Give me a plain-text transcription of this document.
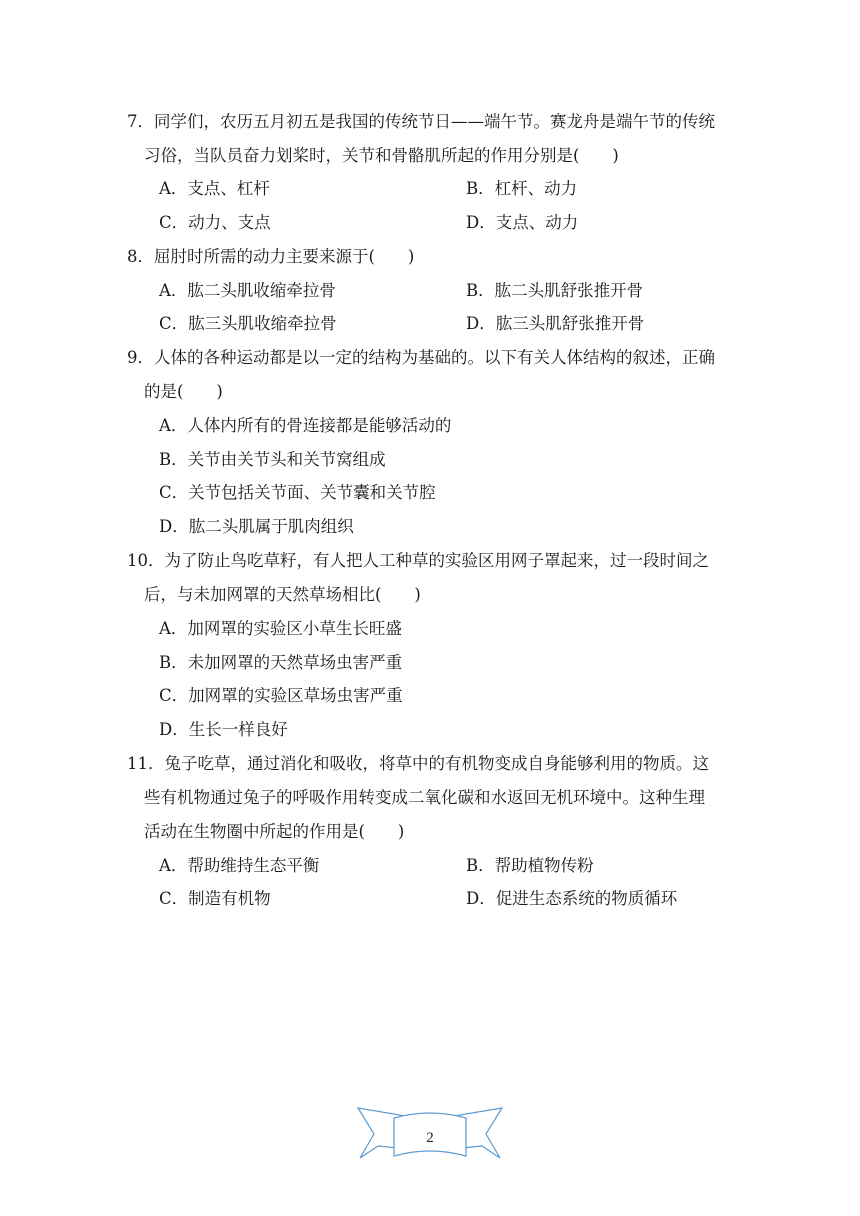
7．同学们，农历五月初五是我国的传统节日——端午节。赛龙舟是端午节的传统
习俗，当队员奋力划桨时，关节和骨骼肌所起的作用分别是(　　)
A．支点、杠杆	B．杠杆、动力
C．动力、支点	D．支点、动力
8．屈肘时所需的动力主要来源于(　　)
A．肱二头肌收缩牵拉骨	B．肱二头肌舒张推开骨
C．肱三头肌收缩牵拉骨	D．肱三头肌舒张推开骨
9．人体的各种运动都是以一定的结构为基础的。以下有关人体结构的叙述，正确
的是(　　)
A．人体内所有的骨连接都是能够活动的
B．关节由关节头和关节窝组成
C．关节包括关节面、关节囊和关节腔
D．肱二头肌属于肌肉组织
10．为了防止鸟吃草籽，有人把人工种草的实验区用网子罩起来，过一段时间之
后，与未加网罩的天然草场相比(　　)
A．加网罩的实验区小草生长旺盛
B．未加网罩的天然草场虫害严重
C．加网罩的实验区草场虫害严重
D．生长一样良好
11．兔子吃草，通过消化和吸收，将草中的有机物变成自身能够利用的物质。这
些有机物通过兔子的呼吸作用转变成二氧化碳和水返回无机环境中。这种生理
活动在生物圈中所起的作用是(　　)
A．帮助维持生态平衡	B．帮助植物传粉
C．制造有机物	D．促进生态系统的物质循环
2
